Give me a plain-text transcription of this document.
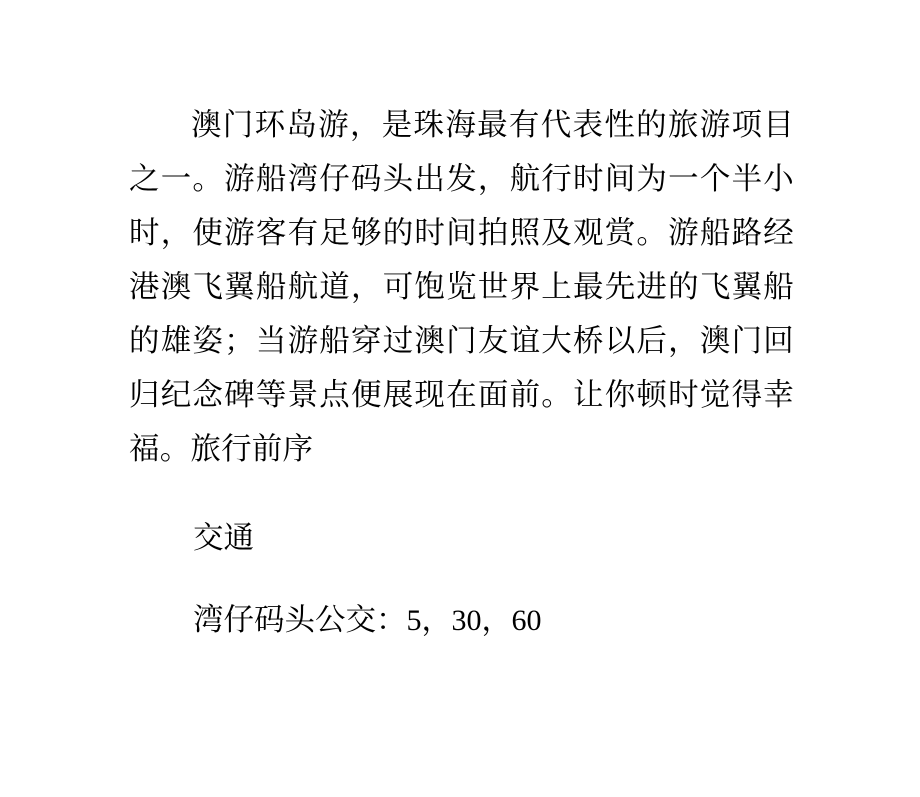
澳门环岛游，是珠海最有代表性的旅游项目之一。游船湾仔码头出发，航行时间为一个半小时，使游客有足够的时间拍照及观赏。游船路经港澳飞翼船航道，可饱览世界上最先进的飞翼船的雄姿；当游船穿过澳门友谊大桥以后，澳门回归纪念碑等景点便展现在面前。让你顿时觉得幸福。旅行前序

交通

湾仔码头公交：5，30，60
